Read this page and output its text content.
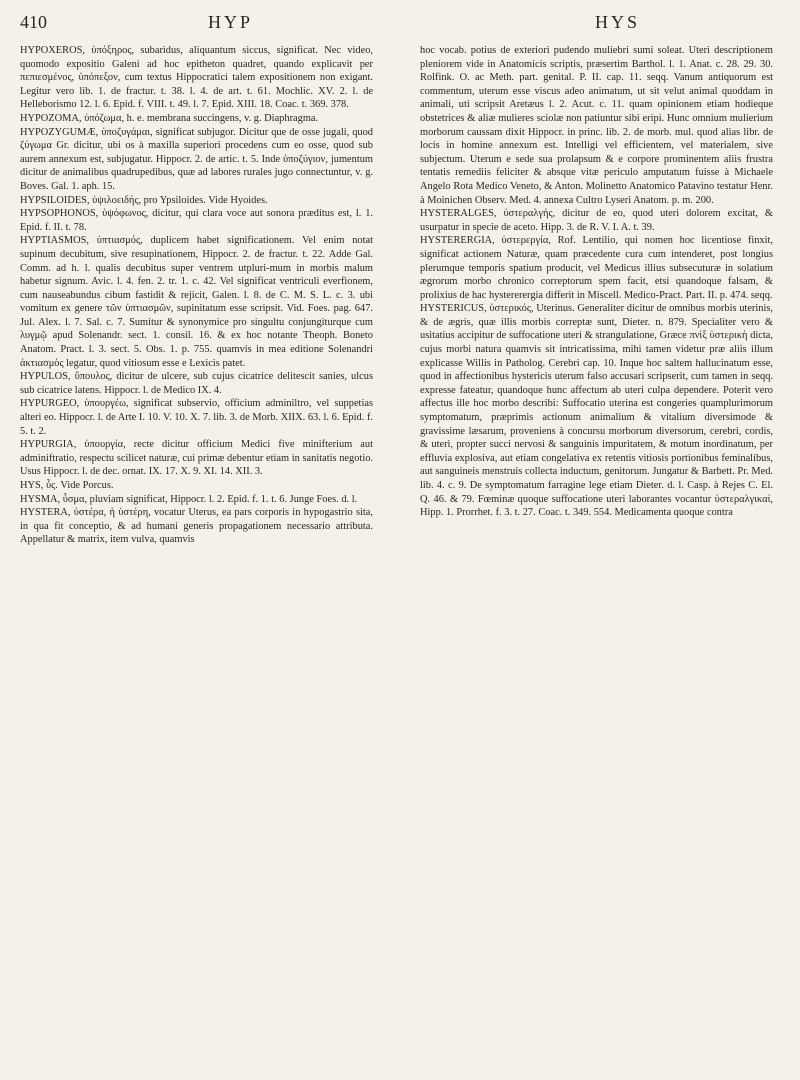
410	HYP	HYS

HYPOXEROS, ὑπόξηρος, subaridus, aliquantum siccus, significat. Nec video, quomodo expositio Galeni ad hoc epitheton quadret, quando explicavit per πεπιεσμένος, ὑπόπεξον, cum textus Hippocratici talem expositionem non exigant. Legitur vero lib. 1. de fractur. t. 38. l. 4. de art. t. 61. Mochlic. XV. 2. l. de Helleborismo 12. l. 6. Epid. f. VIII. t. 49. l. 7. Epid. XIII. 18. Coac. t. 369. 378.

HYPOZOMA, ὑπόζωμα, h. e. membrana succingens, v. g. Diaphragma.

HYPOZYGUMÆ, ὑποζυγάμαι, significat subjugor. Dicitur que de osse jugali, quod ζύγωμα Gr. dicitur, ubi os à maxilla superiori procedens cum eo osse, quod sub aurem annexum est, subjugatur. Hippocr. 2. de artic. t. 5. Inde ὑποζύγιον, jumentum dicitur de animalibus quadrupedibus, quæ ad labores rurales jugo connectuntur, v. g. Boves. Gal. 1. aph. 15.

HYPSILOIDES, ὑψιλοειδής, pro Ypsiloides. Vide Hyoides.

HYPSOPHONOS, ὑψόφωνος, dicitur, qui clara voce aut sonora præditus est, l. 1. Epid. f. II. t. 78.

HYPTIASMOS, ὑπτιασμός, duplicem habet significationem. Vel enim notat supinum decubitum, sive resupinationem, Hippocr. 2. de fractur. t. 22. Adde Gal. Comm. ad h. l. qualis decubitus super ventrem utpluri-mum in morbis malum habetur signum. Avic. l. 4. fen. 2. tr. 1. c. 42. Vel significat ventriculi everfionem, cum nauseabundus cibum fastidit & rejicit, Galen. l. 8. de C. M. S. L. c. 3. ubi vomitum ex genere τῶν ὑπτιασμῶν, supinitatum esse scripsit. Vid. Foes. pag. 647. Jul. Alex. l. 7. Sal. c. 7. Sumitur & synonymice pro singultu conjungiturque cum λυγμῷ apud Solenandr. sect. 1. consil. 16. & ex hoc notante Theoph. Boneto Anatom. Pract. l. 3. sect. 5. Obs. 1. p. 755. quamvis in mea editione Solenandri ἀκτιασμὸς legatur, quod vitiosum esse e Lexicis patet.

HYPULOS, ὕπουλος, dicitur de ulcere, sub cujus cicatrice delitescit sanies, ulcus sub cicatrice latens. Hippocr. l. de Medico IX. 4.

HYPURGEO, ὑπουργέω, significat subservio, officium adminiltro, vel suppetias alteri eo. Hippocr. l. de Arte I. 10. V. 10. X. 7. lib. 3. de Morb. XIIX. 63. l. 6. Epid. f. 5. t. 2.

HYPURGIA, ὑπουργία, recte dicitur officium Medici five minifterium aut adminiftratio, respectu scilicet naturæ, cui primæ debentur etiam in sanitatis negotio. Usus Hippocr. l. de dec. ornat. IX. 17. X. 9. XI. 14. XII. 3.

HYS, ὗς. Vide Porcus.

HYSMA, ὗσμα, pluviam significat, Hippocr. l. 2. Epid. f. 1. t. 6. Junge Foes. d. l.

HYSTERA, ὑστέρα, ἡ ὑστέρη, vocatur Uterus, ea pars corporis in hypogastrio sita, in qua fit conceptio, & ad humani generis propagationem necessario attributa. Appellatur & matrix, item vulva, quamvis

hoc vocab. potius de exteriori pudendo muliebri sumi soleat. Uteri descriptionem pleniorem vide in Anatomicis scriptis, præsertim Barthol. l. 1. Anat. c. 28. 29. 30. Rolfink. O. ac Meth. part. genital. P. II. cap. 11. seqq. Vanum antiquorum est commentum, uterum esse viscus adeo animatum, ut sit velut animal quoddam in animali, uti scripsit Aretæus l. 2. Acut. c. 11. quam opinionem etiam hodieque obstetrices & aliæ mulieres sciolæ non patiuntur sibi eripi. Hunc omnium mulierium morborum caussam dixit Hippocr. in princ. lib. 2. de morb. mul. quod alias libr. de locis in homine annexum est. Intelligi vel efficientem, vel materialem, sive subjectum. Uterum e sede sua prolapsum & e corpore prominentem aliis frustra tentatis remediis feliciter & absque vitæ periculo amputatum fuisse à Michaele Angelo Rota Medico Veneto, & Anton. Molinetto Anatomico Patavino testatur Henr. à Moinichen Observ. Med. 4. annexa Cultro Lyseri Anatom. p. m. 200.

HYSTERALGES, ὑστεραλγής, dicitur de eo, quod uteri dolorem excitat, & usurpatur in specie de aceto. Hipp. 3. de R. V. I. A. t. 39.

HYSTERERGIA, ὑστερεργία, Rof. Lentilio, qui nomen hoc licentiose finxit, significat actionem Naturæ, quam præcedente cura cum intenderet, post longius plerumque temporis spatium producit, vel Medicus illius subsecuturæ in solatium ægrorum morbo chronico correptorum spem facit, etsi quandoque falsam, & prolixius de hac hystererergia differit in Miscell. Medico-Pract. Part. II. p. 474. seqq.

HYSTERICUS, ὑστερικός, Uterinus. Generaliter dicitur de omnibus morbis uterinis, & de ægris, quæ illis morbis correptæ sunt, Dieter. n. 879. Specialiter vero & usitatius accipitur de suffocatione uteri & strangulatione, Græce πνὶξ ὑστερικὴ dicta, cujus morbi natura quamvis sit intricatissima, mihi tamen videtur præ aliis illum explicasse Willis in Patholog. Cerebri cap. 10. Inque hoc saltem hallucinatum esse, quod in affectionibus hystericis uterum falso accusari scripserit, cum tamen in seqq. expresse fateatur, quandoque hunc affectum ab uteri culpa dependere. Poterit vero affectus ille hoc morbo describi: Suffocatio uterina est congeries quamplurimorum symptomatum, præprimis actionum animalium & vitalium diversimode & gravissime læsarum, proveniens à concursu morborum diversorum, cerebri, cordis, & uteri, propter succi nervosi & sanguinis impuritatem, & motum inordinatum, per effluvia explosiva, aut etiam congelativa ex retentis vitiosis portionibus feminalibus, aut sanguineis menstruis collecta inductum, genitorum. Jungatur & Barbett. Pr. Med. lib. 4. c. 9. De symptomatum farragine lege etiam Dieter. d. l. Casp. à Rejes C. El. Q. 46. & 79. Fœminæ quoque suffocatione uteri laborantes vocantur ὑστεραλγικαί, Hipp. 1. Prorrhet. f. 3. t. 27. Coac. t. 349. 554. Medicamenta quoque contra
